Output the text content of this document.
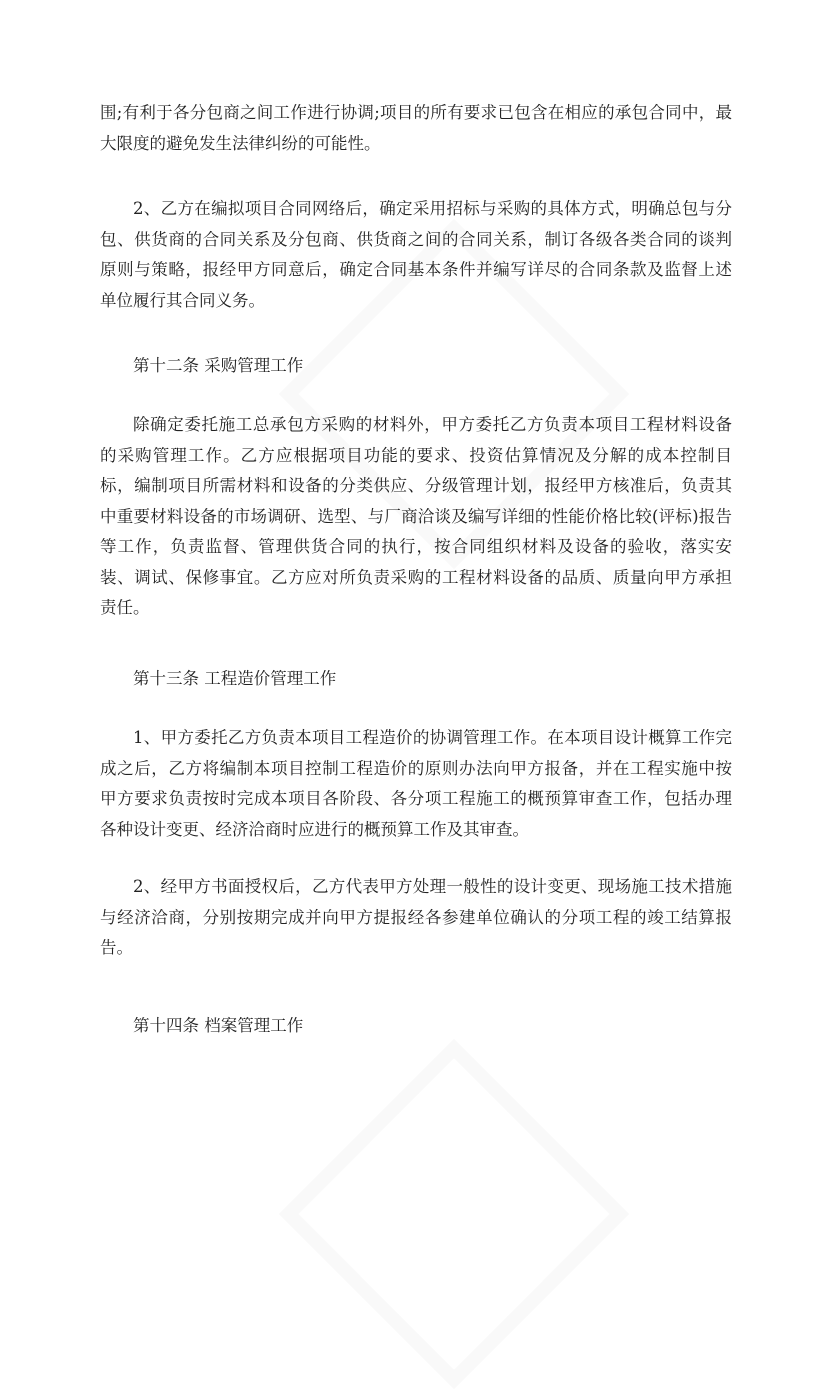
围;有利于各分包商之间工作进行协调;项目的所有要求已包含在相应的承包合同中，最
大限度的避免发生法律纠纷的可能性。
2、乙方在编拟项目合同网络后，确定采用招标与采购的具体方式，明确总包与分
包、供货商的合同关系及分包商、供货商之间的合同关系，制订各级各类合同的谈判
原则与策略，报经甲方同意后，确定合同基本条件并编写详尽的合同条款及监督上述
单位履行其合同义务。
第十二条 采购管理工作
除确定委托施工总承包方采购的材料外，甲方委托乙方负责本项目工程材料设备
的采购管理工作。乙方应根据项目功能的要求、投资估算情况及分解的成本控制目
标，编制项目所需材料和设备的分类供应、分级管理计划，报经甲方核准后，负责其
中重要材料设备的市场调研、选型、与厂商洽谈及编写详细的性能价格比较(评标)报告
等工作，负责监督、管理供货合同的执行，按合同组织材料及设备的验收，落实安
装、调试、保修事宜。乙方应对所负责采购的工程材料设备的品质、质量向甲方承担
责任。
第十三条 工程造价管理工作
1、甲方委托乙方负责本项目工程造价的协调管理工作。在本项目设计概算工作完
成之后，乙方将编制本项目控制工程造价的原则办法向甲方报备，并在工程实施中按
甲方要求负责按时完成本项目各阶段、各分项工程施工的概预算审查工作，包括办理
各种设计变更、经济洽商时应进行的概预算工作及其审查。
2、经甲方书面授权后，乙方代表甲方处理一般性的设计变更、现场施工技术措施
与经济洽商，分别按期完成并向甲方提报经各参建单位确认的分项工程的竣工结算报
告。
第十四条 档案管理工作
